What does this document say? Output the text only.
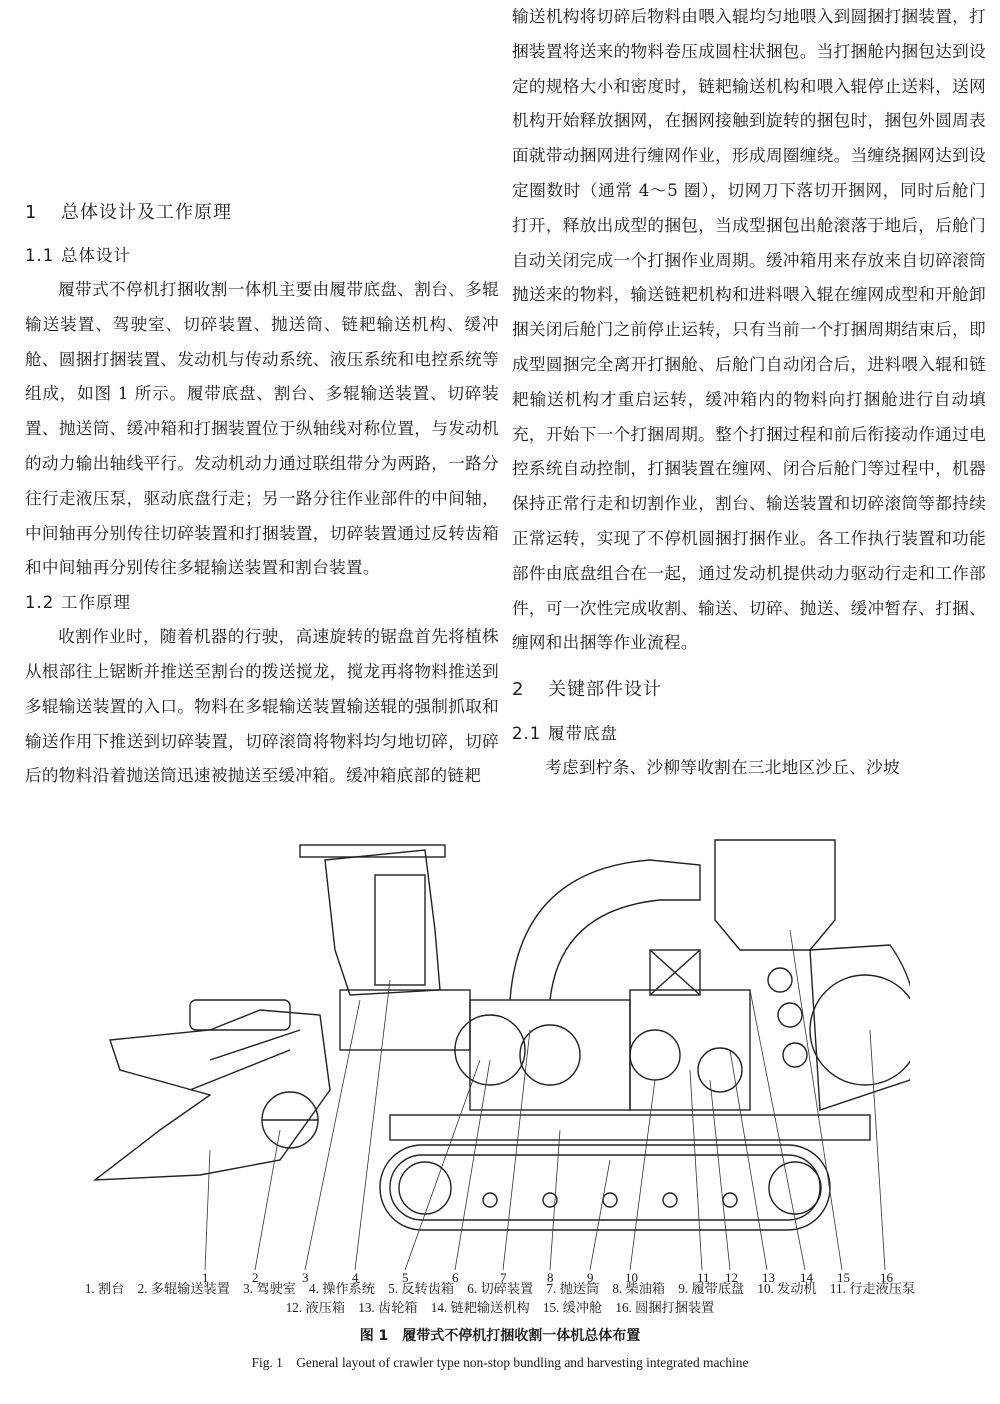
1 总体设计及工作原理
1.1 总体设计

履带式不停机打捆收割一体机主要由履带底盘、割台、多辊输送装置、驾驶室、切碎装置、抛送筒、链耙输送机构、缓冲舱、圆捆打捆装置、发动机与传动系统、液压系统和电控系统等组成，如图 1 所示。履带底盘、割台、多辊输送装置、切碎装置、抛送筒、缓冲箱和打捆装置位于纵轴线对称位置，与发动机的动力输出轴线平行。发动机动力通过联组带分为两路，一路分往行走液压泵，驱动底盘行走；另一路分往作业部件的中间轴，中间轴再分别传往切碎装置和打捆装置，切碎装置通过反转齿箱和中间轴再分别传往多辊输送装置和割台装置。

1.2 工作原理

收割作业时，随着机器的行驶，高速旋转的锯盘首先将植株从根部往上锯断并推送至割台的拨送搅龙，搅龙再将物料推送到多辊输送装置的入口。物料在多辊输送装置输送辊的强制抓取和输送作用下推送到切碎装置，切碎滚筒将物料均匀地切碎，切碎后的物料沿着抛送筒迅速被抛送至缓冲箱。缓冲箱底部的链耙

输送机构将切碎后物料由喂入辊均匀地喂入到圆捆打捆装置，打捆装置将送来的物料卷压成圆柱状捆包。当打捆舱内捆包达到设定的规格大小和密度时，链耙输送机构和喂入辊停止送料，送网机构开始释放捆网，在捆网接触到旋转的捆包时，捆包外圆周表面就带动捆网进行缠网作业，形成周圈缠绕。当缠绕捆网达到设定圈数时（通常 4～5 圈），切网刀下落切开捆网，同时后舱门打开，释放出成型的捆包，当成型捆包出舱滚落于地后，后舱门自动关闭完成一个打捆作业周期。缓冲箱用来存放来自切碎滚筒抛送来的物料，输送链耙机构和进料喂入辊在缠网成型和开舱卸捆关闭后舱门之前停止运转，只有当前一个打捆周期结束后，即成型圆捆完全离开打捆舱、后舱门自动闭合后，进料喂入辊和链耙输送机构才重启运转，缓冲箱内的物料向打捆舱进行自动填充，开始下一个打捆周期。整个打捆过程和前后衔接动作通过电控系统自动控制，打捆装置在缠网、闭合后舱门等过程中，机器保持正常行走和切割作业，割台、输送装置和切碎滚筒等都持续正常运转，实现了不停机圆捆打捆作业。各工作执行装置和功能部件由底盘组合在一起，通过发动机提供动力驱动行走和工作部件，可一次性完成收割、输送、切碎、抛送、缓冲暂存、打捆、缠网和出捆等作业流程。

2 关键部件设计
2.1 履带底盘

考虑到柠条、沙柳等收割在三北地区沙丘、沙坡

1	2	3	4	5	6	7	8	9 10	11 12 13 14 15 16
1. 割台　2. 多辊输送装置　3. 驾驶室　4. 操作系统　5. 反转齿箱　6. 切碎装置　7. 抛送筒　8. 柴油箱　9. 履带底盘　10. 发动机　11. 行走液压泵
12. 液压箱　13. 齿轮箱　14. 链耙输送机构　15. 缓冲舱　16. 圆捆打捆装置
图 1　履带式不停机打捆收割一体机总体布置
Fig. 1　General layout of crawler type non-stop bundling and harvesting integrated machine
